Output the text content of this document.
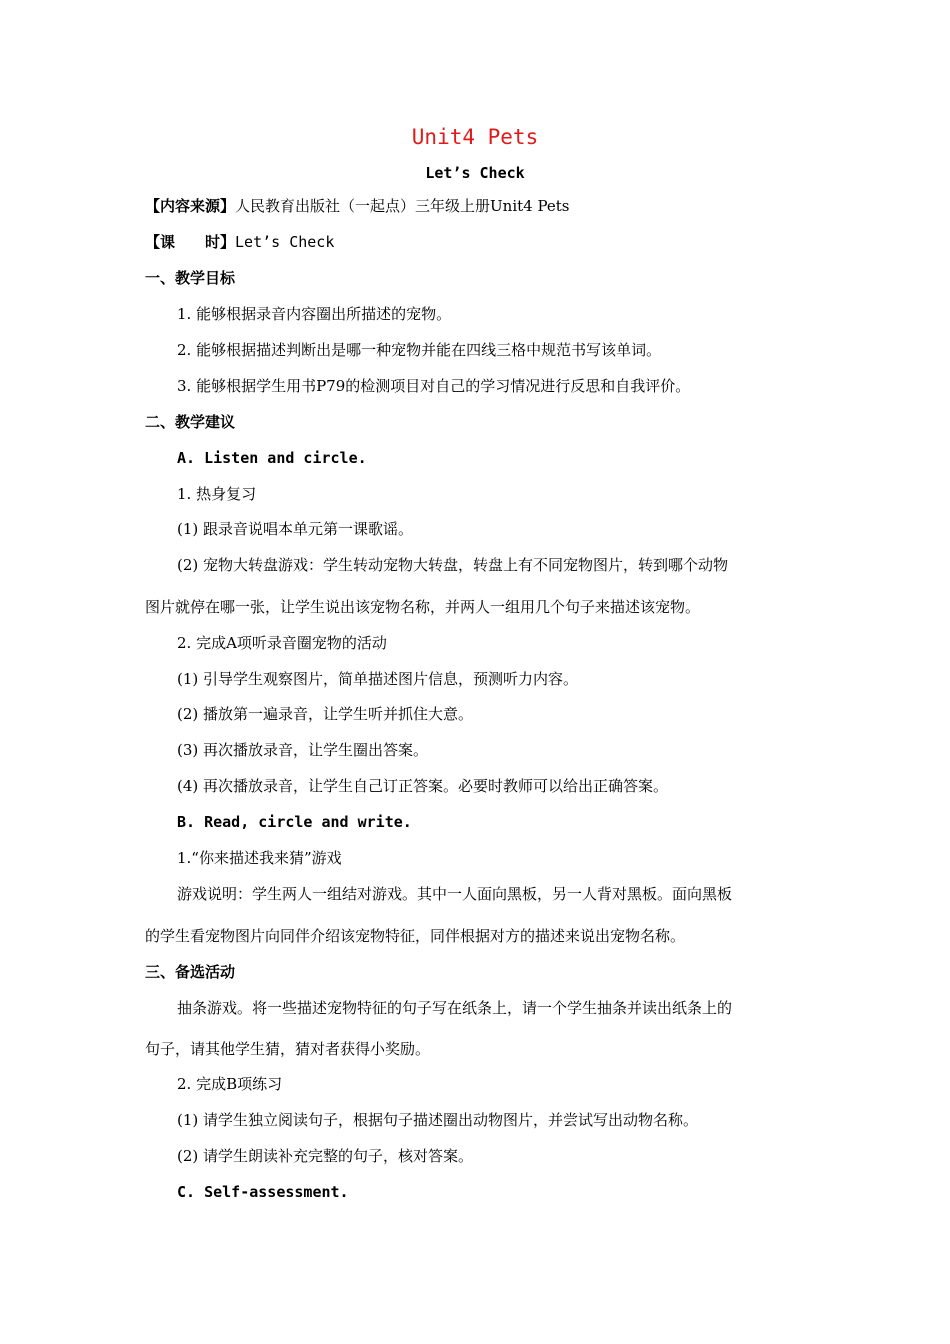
Unit4 Pets
Let’s Check
【内容来源】人民教育出版社（一起点）三年级上册Unit4 Pets
【课　　时】Let’s Check
一、教学目标
1. 能够根据录音内容圈出所描述的宠物。
2. 能够根据描述判断出是哪一种宠物并能在四线三格中规范书写该单词。
3. 能够根据学生用书P79的检测项目对自己的学习情况进行反思和自我评价。
二、教学建议
A. Listen and circle.
1. 热身复习
(1) 跟录音说唱本单元第一课歌谣。
(2) 宠物大转盘游戏：学生转动宠物大转盘，转盘上有不同宠物图片，转到哪个动物
图片就停在哪一张，让学生说出该宠物名称，并两人一组用几个句子来描述该宠物。
2. 完成A项听录音圈宠物的活动
(1) 引导学生观察图片，简单描述图片信息，预测听力内容。
(2) 播放第一遍录音，让学生听并抓住大意。
(3) 再次播放录音，让学生圈出答案。
(4) 再次播放录音，让学生自己订正答案。必要时教师可以给出正确答案。
B. Read, circle and write.
1.“你来描述我来猜”游戏
游戏说明：学生两人一组结对游戏。其中一人面向黑板，另一人背对黑板。面向黑板
的学生看宠物图片向同伴介绍该宠物特征，同伴根据对方的描述来说出宠物名称。
三、备选活动
抽条游戏。将一些描述宠物特征的句子写在纸条上，请一个学生抽条并读出纸条上的
句子，请其他学生猜，猜对者获得小奖励。
2. 完成B项练习
(1) 请学生独立阅读句子，根据句子描述圈出动物图片，并尝试写出动物名称。
(2) 请学生朗读补充完整的句子，核对答案。
C. Self-assessment.
